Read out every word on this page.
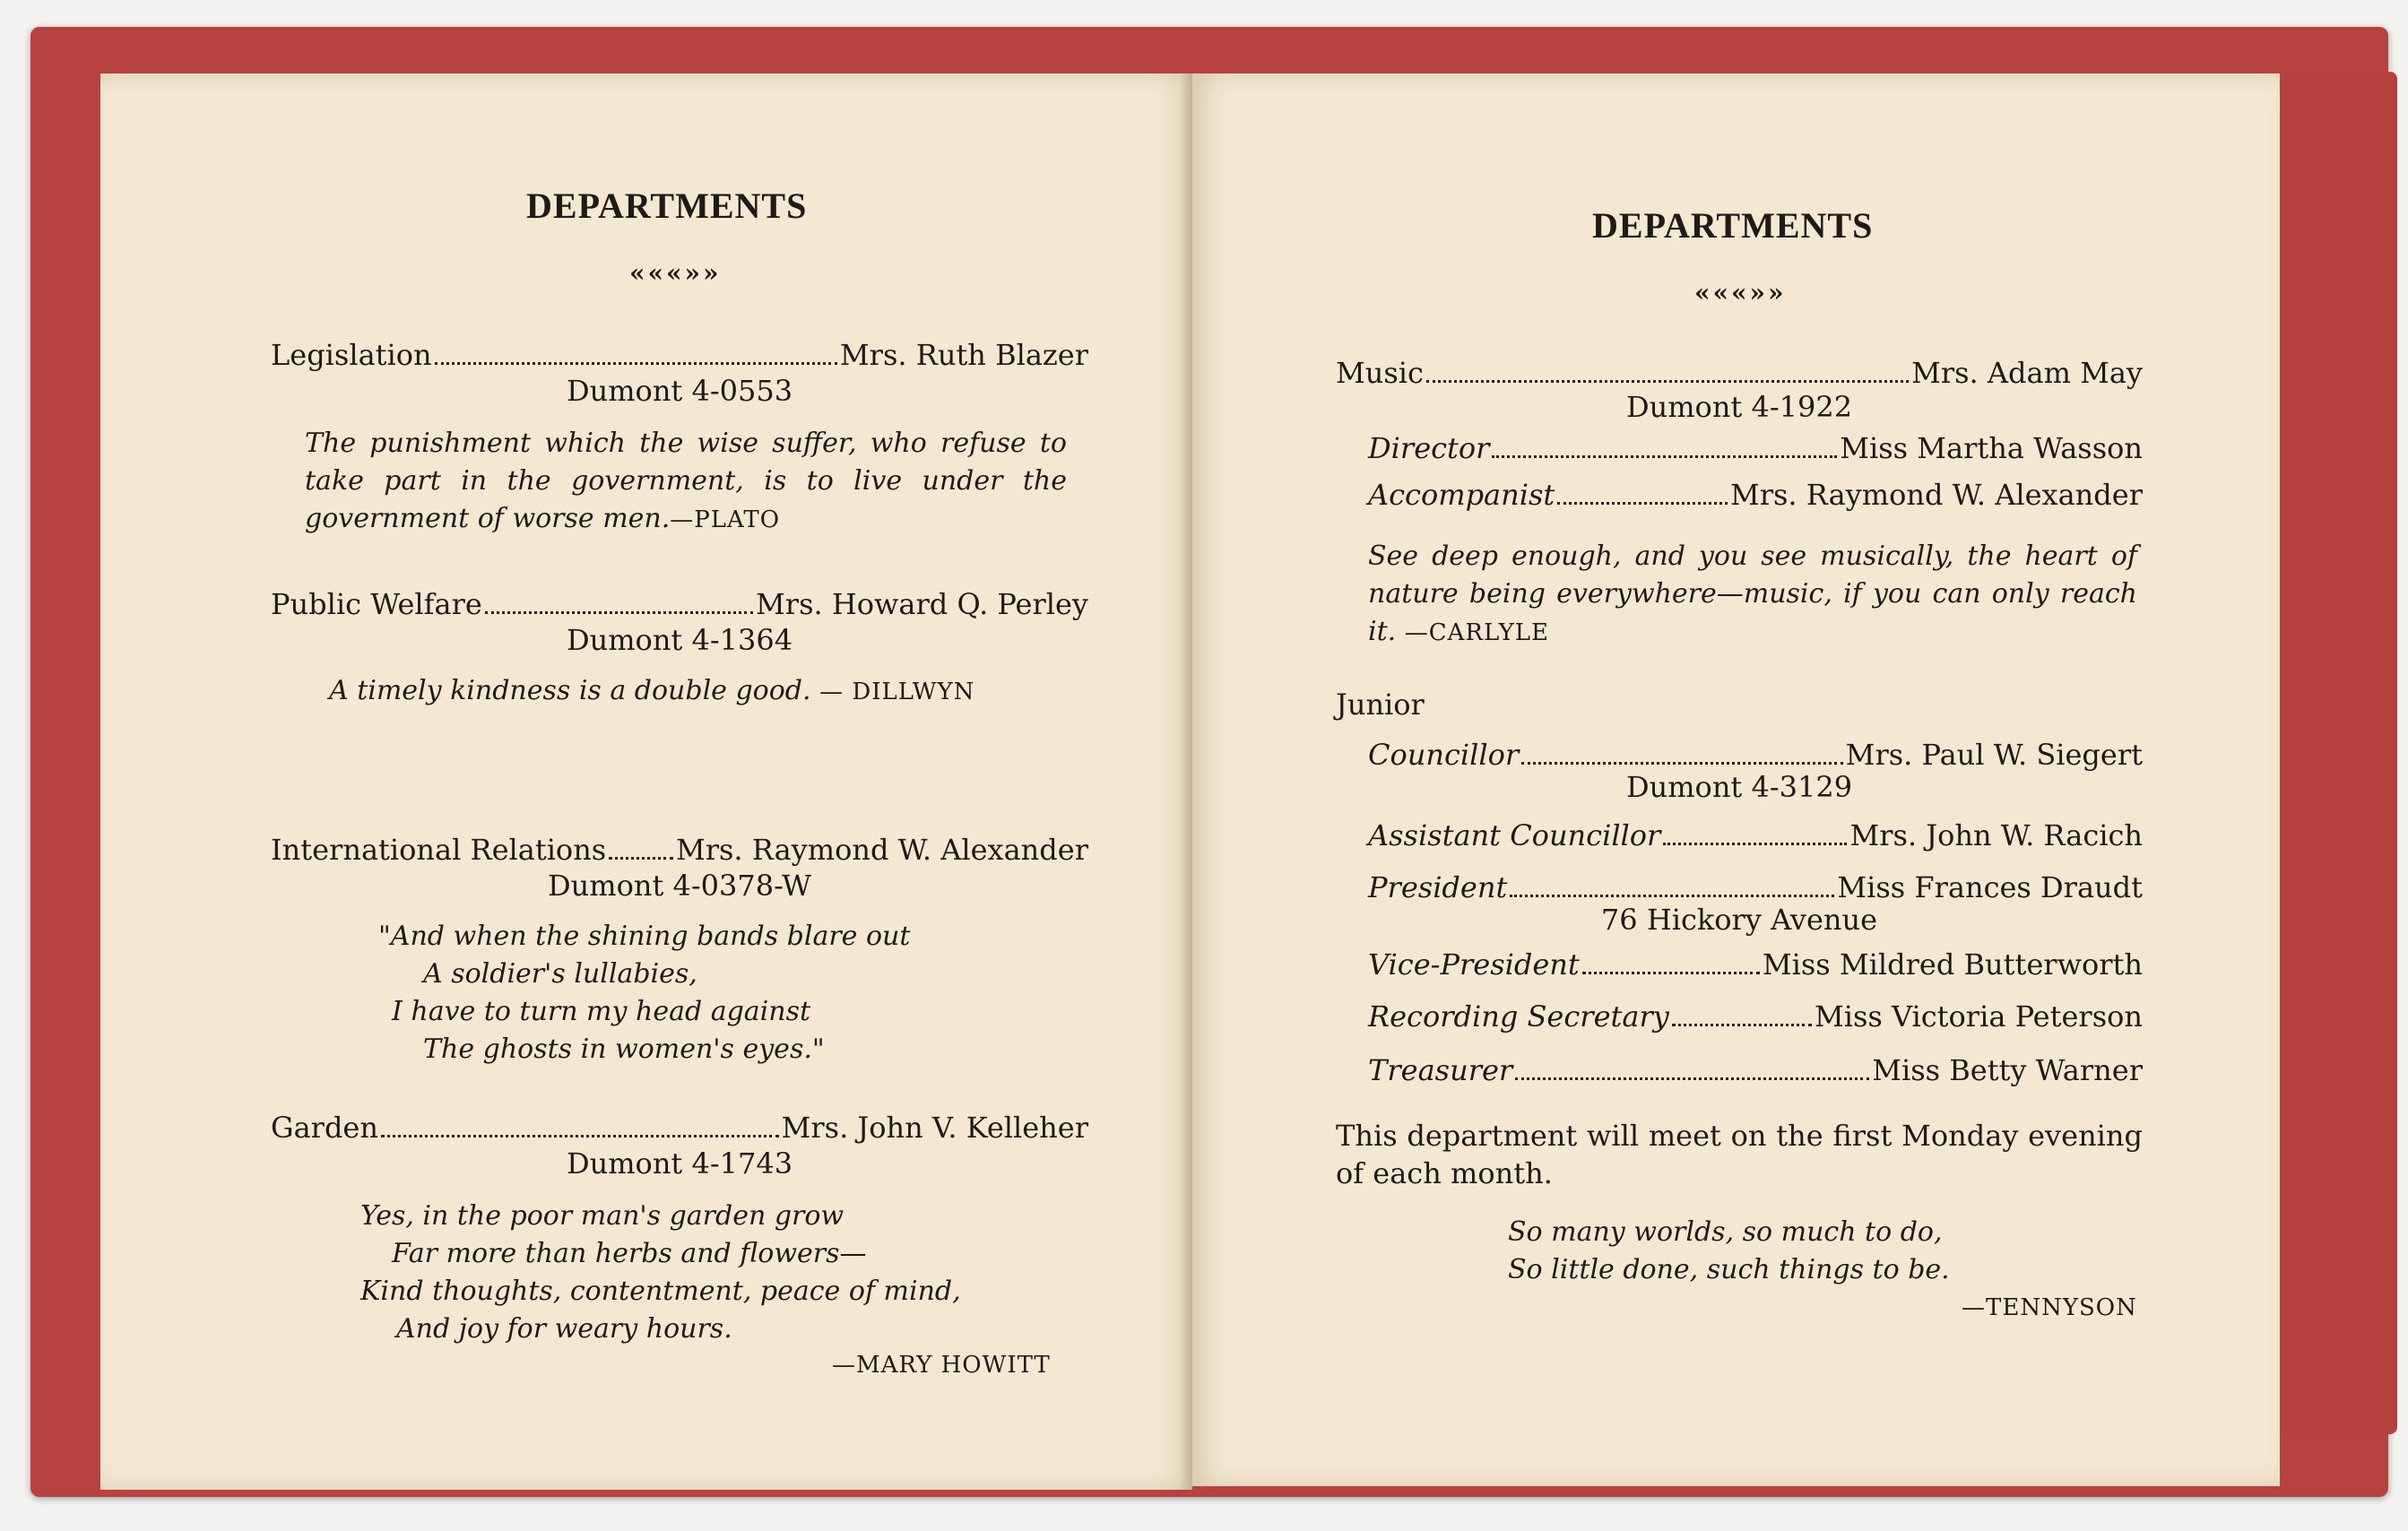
DEPARTMENTS
«««»»
Legislation	Mrs. Ruth Blazer
Dumont 4-0553
The punishment which the wise suffer, who refuse to take part in the government, is to live under the government of worse men.—PLATO
Public Welfare	Mrs. Howard Q. Perley
Dumont 4-1364
A timely kindness is a double good. — DILLWYN
International Relations Mrs. Raymond W. Alexander
Dumont 4-0378-W
"And when the shining bands blare out
A soldier's lullabies,
I have to turn my head against
The ghosts in women's eyes."
Garden	Mrs. John V. Kelleher
Dumont 4-1743
Yes, in the poor man's garden grow
Far more than herbs and flowers—
Kind thoughts, contentment, peace of mind,
And joy for weary hours.
—MARY HOWITT
DEPARTMENTS
«««»»
Music	Mrs. Adam May
Dumont 4-1922
Director	Miss Martha Wasson
Accompanist	Mrs. Raymond W. Alexander
See deep enough, and you see musically, the heart of nature being everywhere—music, if you can only reach it. —CARLYLE
Junior
Councillor	Mrs. Paul W. Siegert
Dumont 4-3129
Assistant Councillor	Mrs. John W. Racich
President	Miss Frances Draudt
76 Hickory Avenue
Vice-President	Miss Mildred Butterworth
Recording Secretary	Miss Victoria Peterson
Treasurer	Miss Betty Warner
This department will meet on the first Monday evening of each month.
So many worlds, so much to do,
So little done, such things to be.
—TENNYSON
